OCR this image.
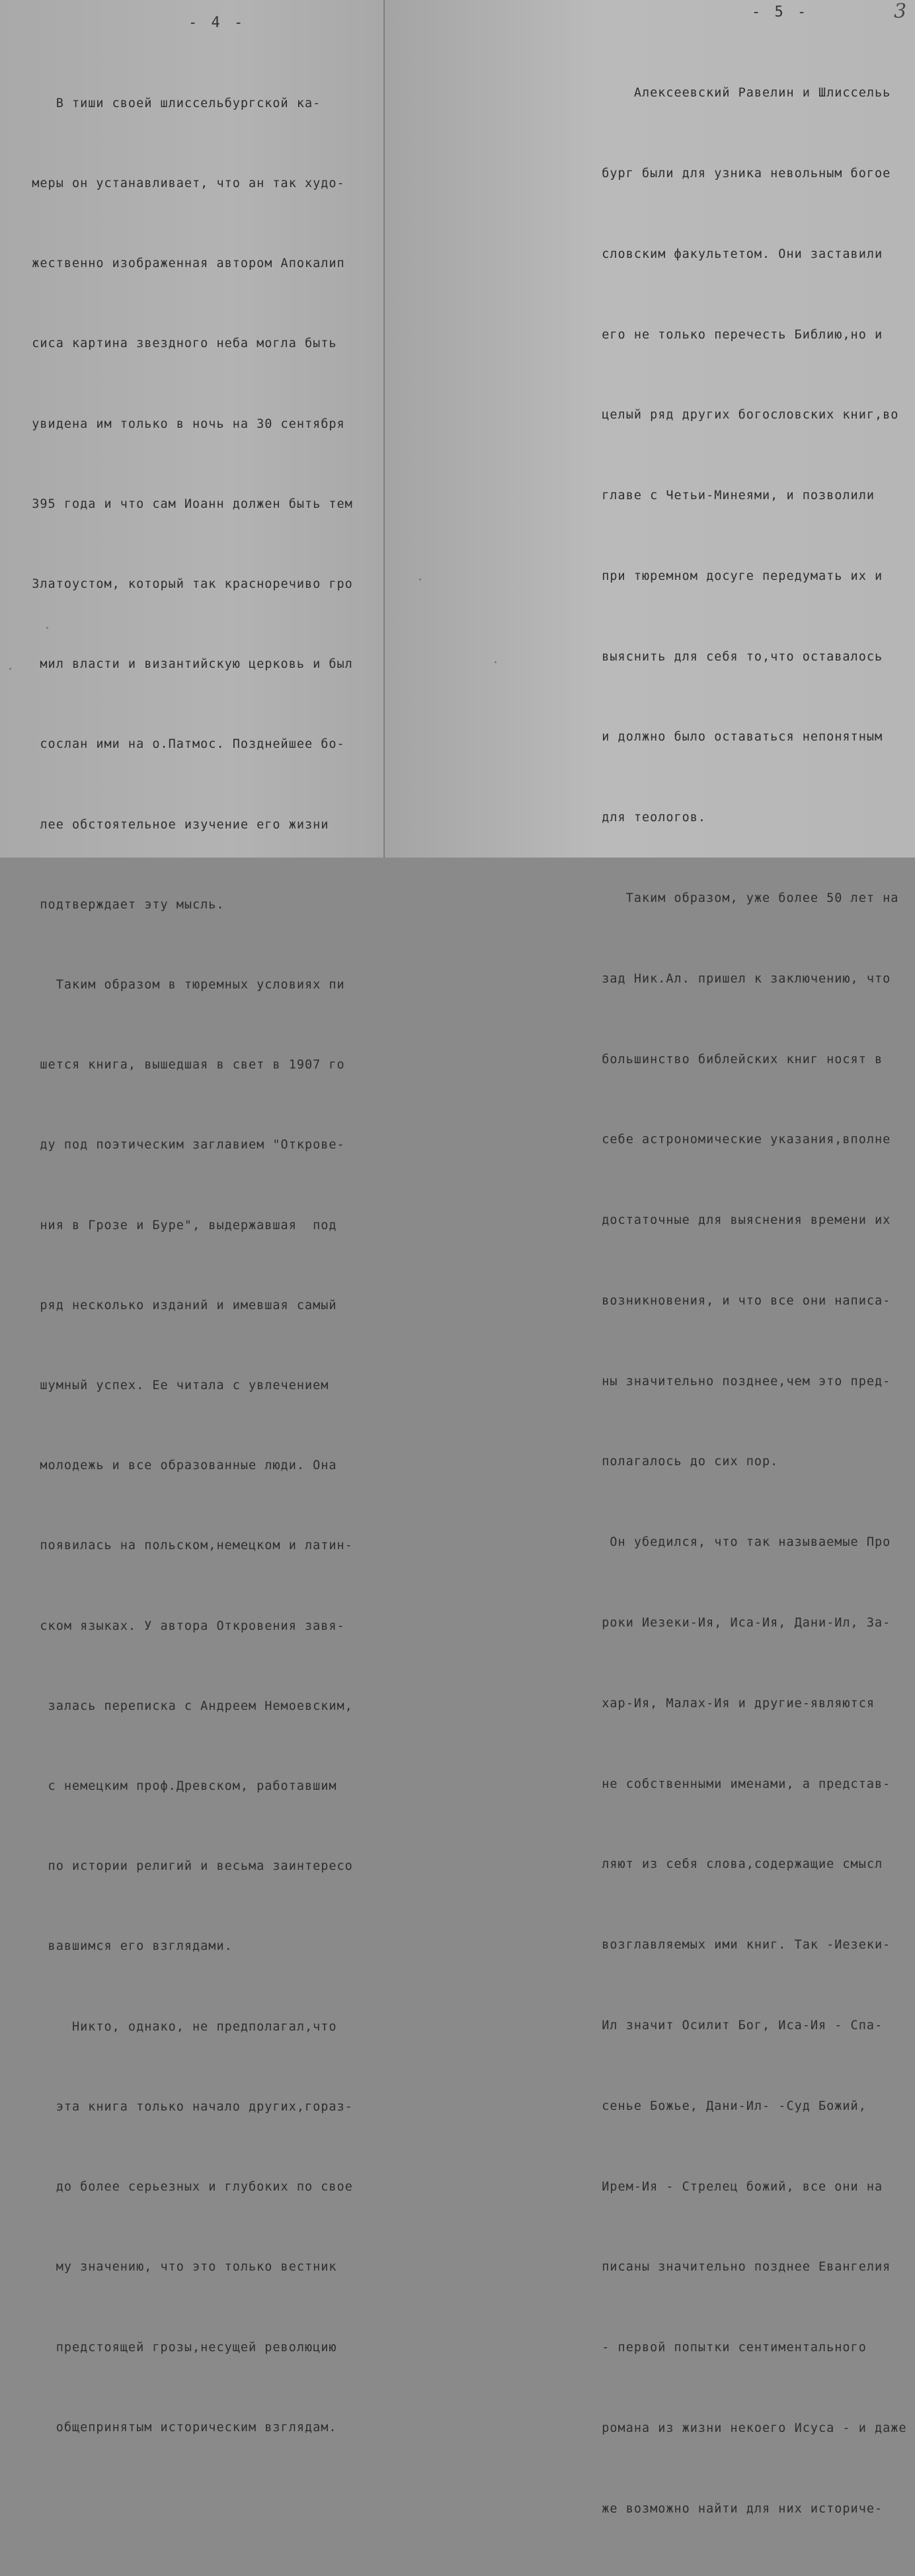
- 4 -

В тиши своей шлиссельбургской ка-

меры он устанавливает, что ан так худо-

жественно изображенная автором Апокалип

сиса картина звездного неба могла быть

увидена им только в ночь на 30 сентября

395 года и что сам Иоанн должен быть тем

Златоустом, который так красноречиво гро

мил власти и византийскую церковь и был

сослан ими на о.Патмос. Позднейшее бо-

лее обстоятельное изучение его жизни

подтверждает эту мысль.

Таким образом в тюремных условиях пи

шется книга, вышедшая в свет в 1907 го

ду под поэтическим заглавием "Открове-

ния в Грозе и Буре", выдержавшая  под

ряд несколько изданий и имевшая самый

шумный успех. Ее читала с увлечением

молодежь и все образованные люди. Она

появилась на польском,немецком и латин-

ском языках. У автора Откровения завя-

залась переписка с Андреем Немоевским,

с немецким проф.Древском, работавшим

по истории религий и весьма заинтересо

вавшимся его взглядами.

Никто, однако, не предполагал,что

эта книга только начало других,гораз-

до более серьезных и глубоких по свое

му значению, что это только вестник

предстоящей грозы,несущей революцию

общепринятым историческим взглядам.

- 5 -	3

Алексеевский Равелин и Шлиссельь

бург были для узника невольным богое

словским факультетом. Они заставили

его не только перечесть Библию,но и

целый ряд других богословских книг,во

главе с Четьи-Минеями, и позволили

при тюремном досуге передумать их и

выяснить для себя то,что оставалось

и должно было оставаться непонятным

для теологов.

Таким образом, уже более 50 лет на

зад Ник.Ал. пришел к заключению, что

большинство библейских книг носят в

себе астрономические указания,вполне

достаточные для выяснения времени их

возникновения, и что все они написа-

ны значительно позднее,чем это пред-

полагалось до сих пор.

Он убедился, что так называемые Про

роки Иезеки-Ия, Иса-Ия, Дани-Ил, За-

хар-Ия, Малах-Ия и другие-являются

не собственными именами, а представ-

ляют из себя слова,содержащие смысл

возглавляемых ими книг. Так -Иезеки-

Ил значит Осилит Бог, Иса-Ия - Спа-

сенье Божье, Дани-Ил- -Суд Божий,

Ирем-Ия - Стрелец божий, все они на

писаны значительно позднее Евангелия

- первой попытки сентиментального

романа из жизни некоего Исуса - и даже

же возможно найти для них историче-
